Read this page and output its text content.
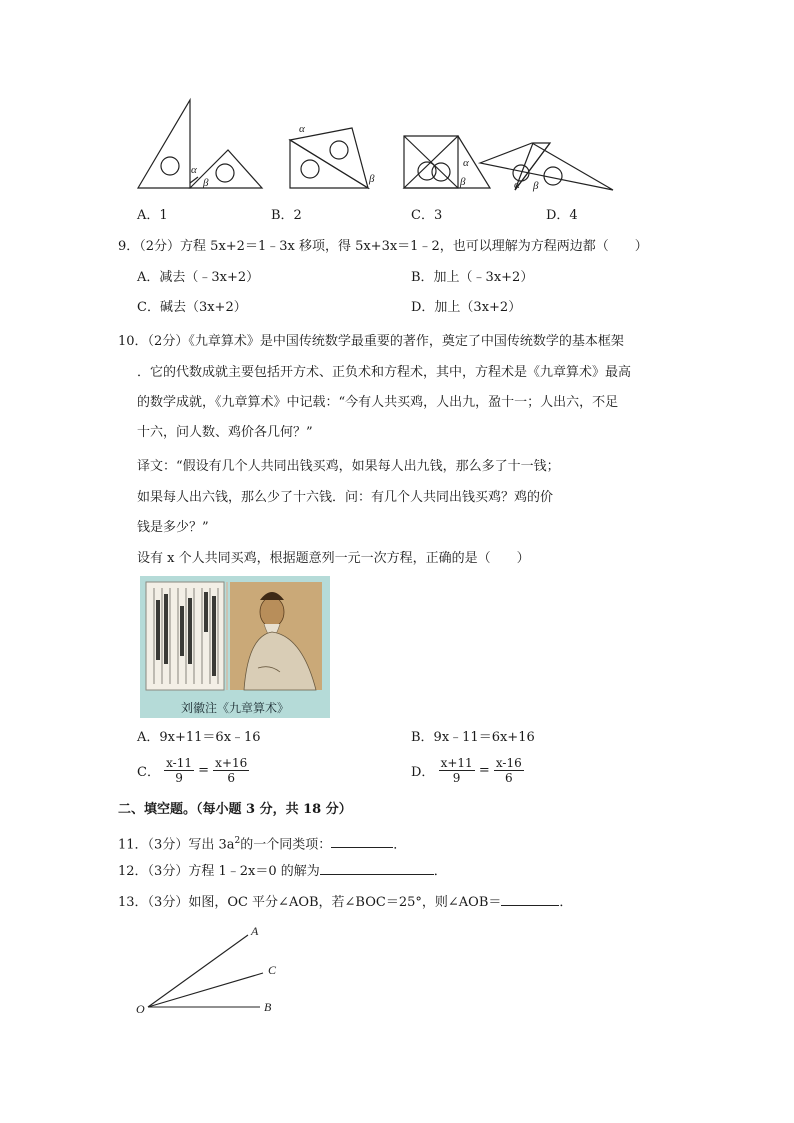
α
β
α
β
α
β	α β
A．1	B．2	C．3	D．4
9．（2分）方程 5x+2＝1﹣3x 移项，得 5x+3x＝1﹣2，也可以理解为方程两边都（　　）
A．减去（﹣3x+2）	B．加上（﹣3x+2）
C．碱去（3x+2）	D．加上（3x+2）
10．（2分）《九章算术》是中国传统数学最重要的著作，奠定了中国传统数学的基本框架
．它的代数成就主要包括开方术、正负术和方程术，其中，方程术是《九章算术》最高
的数学成就，《九章算术》中记载：“今有人共买鸡，人出九，盈十一；人出六，不足
十六，问人数、鸡价各几何？”
译文：“假设有几个人共同出钱买鸡，如果每人出九钱，那么多了十一钱；
如果每人出六钱，那么少了十六钱．问：有几个人共同出钱买鸡？鸡的价
钱是多少？”
设有 x 个人共同买鸡，根据题意列一元一次方程，正确的是（　　）
刘徽注《九章算术》
A．9x+11＝6x﹣16	B．9x﹣11＝6x+16
C． $\frac{x-11}{9} = \frac{x+16}{6}$	D． $\frac{x+11}{9} = \frac{x-16}{6}$
二、填空题。（每小题 3 分，共 18 分）
11．（3分）写出 $3a^2$的一个同类项：	．
12．（3分）方程 1﹣2x＝0 的解为	．
13．（3分）如图，OC 平分∠AOB，若∠BOC＝25°，则∠AOB＝	．
A
C
B
O
